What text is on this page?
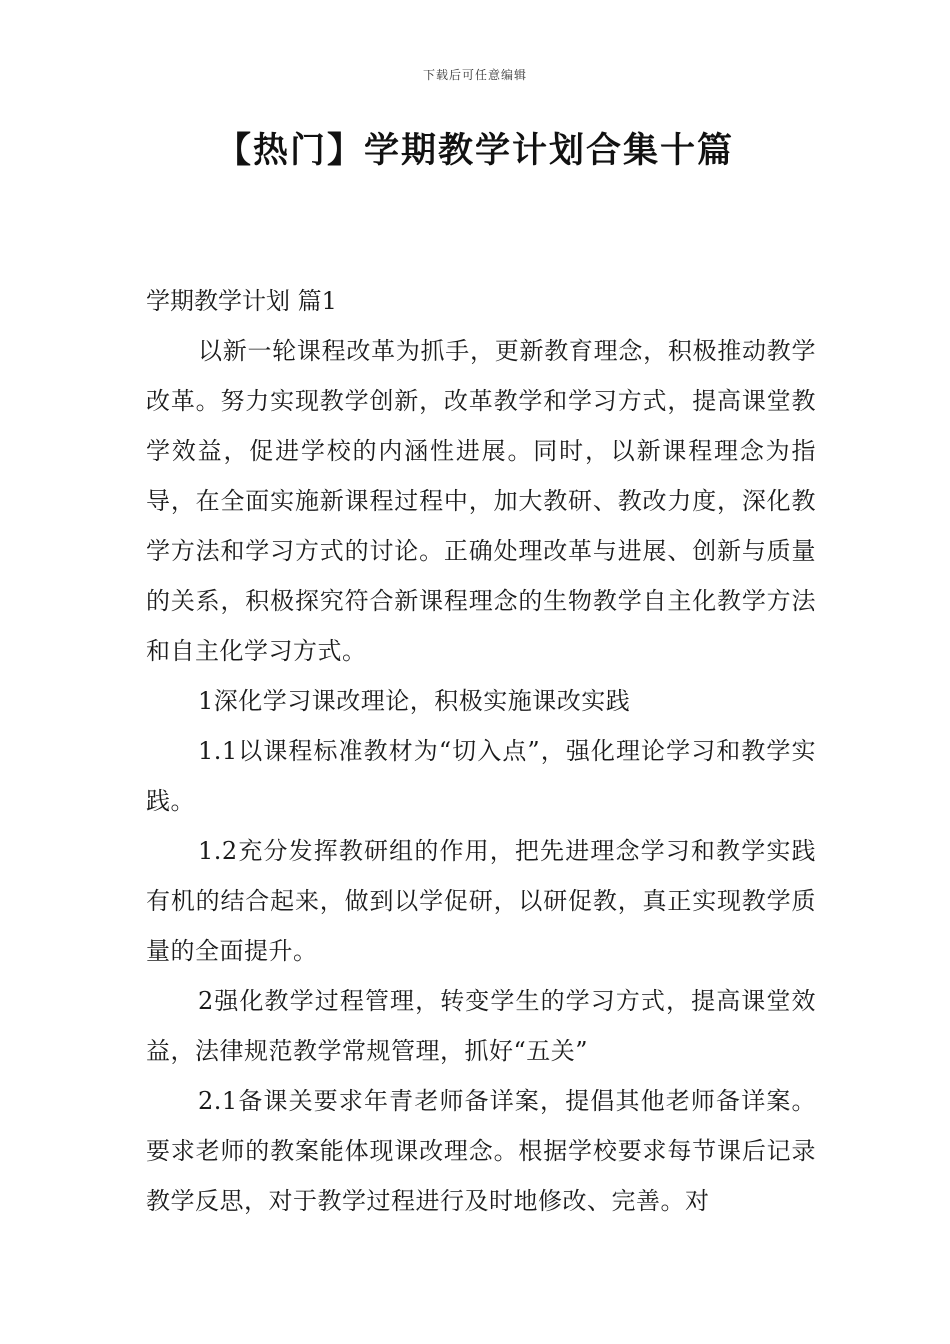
下载后可任意编辑
【热门】学期教学计划合集十篇
学期教学计划 篇1

以新一轮课程改革为抓手，更新教育理念，积极推动教学改革。努力实现教学创新，改革教学和学习方式，提高课堂教学效益，促进学校的内涵性进展。同时，以新课程理念为指导，在全面实施新课程过程中，加大教研、教改力度，深化教学方法和学习方式的讨论。正确处理改革与进展、创新与质量的关系，积极探究符合新课程理念的生物教学自主化教学方法和自主化学习方式。

1深化学习课改理论，积极实施课改实践

1.1以课程标准教材为“切入点”，强化理论学习和教学实践。

1.2充分发挥教研组的作用，把先进理念学习和教学实践有机的结合起来，做到以学促研，以研促教，真正实现教学质量的全面提升。

2强化教学过程管理，转变学生的学习方式，提高课堂效益，法律规范教学常规管理，抓好“五关”

2.1备课关要求年青老师备详案，提倡其他老师备详案。要求老师的教案能体现课改理念。根据学校要求每节课后记录教学反思，对于教学过程进行及时地修改、完善。对
